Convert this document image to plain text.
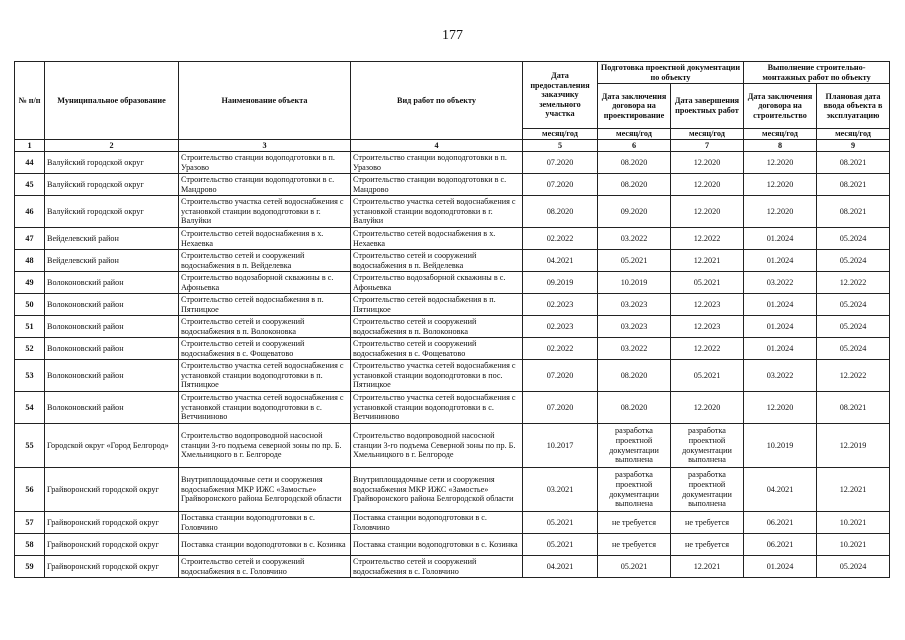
177
№ п/п	Муниципальное образование	Наименование объекта	Вид работ по объекту	Дата предоставления заказчику земельного участка	Подготовка проектной документации по объекту		Выполнение строительно-монтажных работ по объекту	
					Дата заключения договора на проектирование	Дата завершения проектных работ	Дата заключения договора на строительство	Плановая дата ввода объекта в эксплуатацию
				месяц/год	месяц/год	месяц/год	месяц/год	месяц/год
1	2	3	4	5	6	7	8	9
44	Валуйский городской округ	Строительство станции водоподготовки в п. Уразово	Строительство станции водоподготовки в п. Уразово	07.2020	08.2020	12.2020	12.2020	08.2021
45	Валуйский городской округ	Строительство станции водоподготовки в с. Мандрово	Строительство станции водоподготовки в с. Мандрово	07.2020	08.2020	12.2020	12.2020	08.2021
46	Валуйский городской округ	Строительство участка сетей водоснабжения с установкой станции водоподготовки в г. Валуйки	Строительство участка сетей водоснабжения с установкой станции водоподготовки в г. Валуйки	08.2020	09.2020	12.2020	12.2020	08.2021
47	Вейделевский район	Строительство сетей водоснабжения в х. Нехаевка	Строительство сетей водоснабжения в х. Нехаевка	02.2022	03.2022	12.2022	01.2024	05.2024
48	Вейделевский район	Строительство сетей и сооружений водоснабжения в п. Вейделевка	Строительство сетей и сооружений водоснабжения в п. Вейделевка	04.2021	05.2021	12.2021	01.2024	05.2024
49	Волоконовский район	Строительство водозаборной скважины в с. Афоньевка	Строительство водозаборной скважины в с. Афоньевка	09.2019	10.2019	05.2021	03.2022	12.2022
50	Волоконовский район	Строительство сетей водоснабжения в п. Пятницкое	Строительство сетей водоснабжения в п. Пятницкое	02.2023	03.2023	12.2023	01.2024	05.2024
51	Волоконовский район	Строительство сетей и сооружений водоснабжения в п. Волоконовка	Строительство сетей и сооружений водоснабжения в п. Волоконовка	02.2023	03.2023	12.2023	01.2024	05.2024
52	Волоконовский район	Строительство сетей и сооружений водоснабжения в с. Фощеватово	Строительство сетей и сооружений водоснабжения в с. Фощеватово	02.2022	03.2022	12.2022	01.2024	05.2024
53	Волоконовский район	Строительство участка сетей водоснабжения с установкой станции водоподготовки в п. Пятницкое	Строительство участка сетей водоснабжения с установкой станции водоподготовки в пос. Пятницкое	07.2020	08.2020	05.2021	03.2022	12.2022
54	Волоконовский район	Строительство участка сетей водоснабжения с установкой станции водоподготовки в с. Ветчининово	Строительство участка сетей водоснабжения с установкой станции водоподготовки в с. Ветчининово	07.2020	08.2020	12.2020	12.2020	08.2021
55	Городской округ «Город Белгород»	Строительство водопроводной насосной станции 3-го подъема северной зоны по пр. Б. Хмельницкого в г. Белгороде	Строительство водопроводной насосной станции 3-го подъема Северной зоны по пр. Б. Хмельницкого в г. Белгороде	10.2017	разработка проектной документации выполнена	разработка проектной документации выполнена	10.2019	12.2019
56	Грайворонский городской округ	Внутриплощадочные сети и сооружения водоснабжения МКР ИЖС «Замостье» Грайворонского района Белгородской области	Внутриплощадочные сети и сооружения водоснабжения МКР ИЖС «Замостье» Грайворонского района Белгородской области	03.2021	разработка проектной документации выполнена	разработка проектной документации выполнена	04.2021	12.2021
57	Грайворонский городской округ	Поставка станции водоподготовки в с. Головчино	Поставка станции водоподготовки в с. Головчино	05.2021	не требуется	не требуется	06.2021	10.2021
58	Грайворонский городской округ	Поставка станции водоподготовки в с. Козинка	Поставка станции водоподготовки в с. Козинка	05.2021	не требуется	не требуется	06.2021	10.2021
59	Грайворонский городской округ	Строительство сетей и сооружений водоснабжения в с. Головчино	Строительство сетей и сооружений водоснабжения в с. Головчино	04.2021	05.2021	12.2021	01.2024	05.2024
